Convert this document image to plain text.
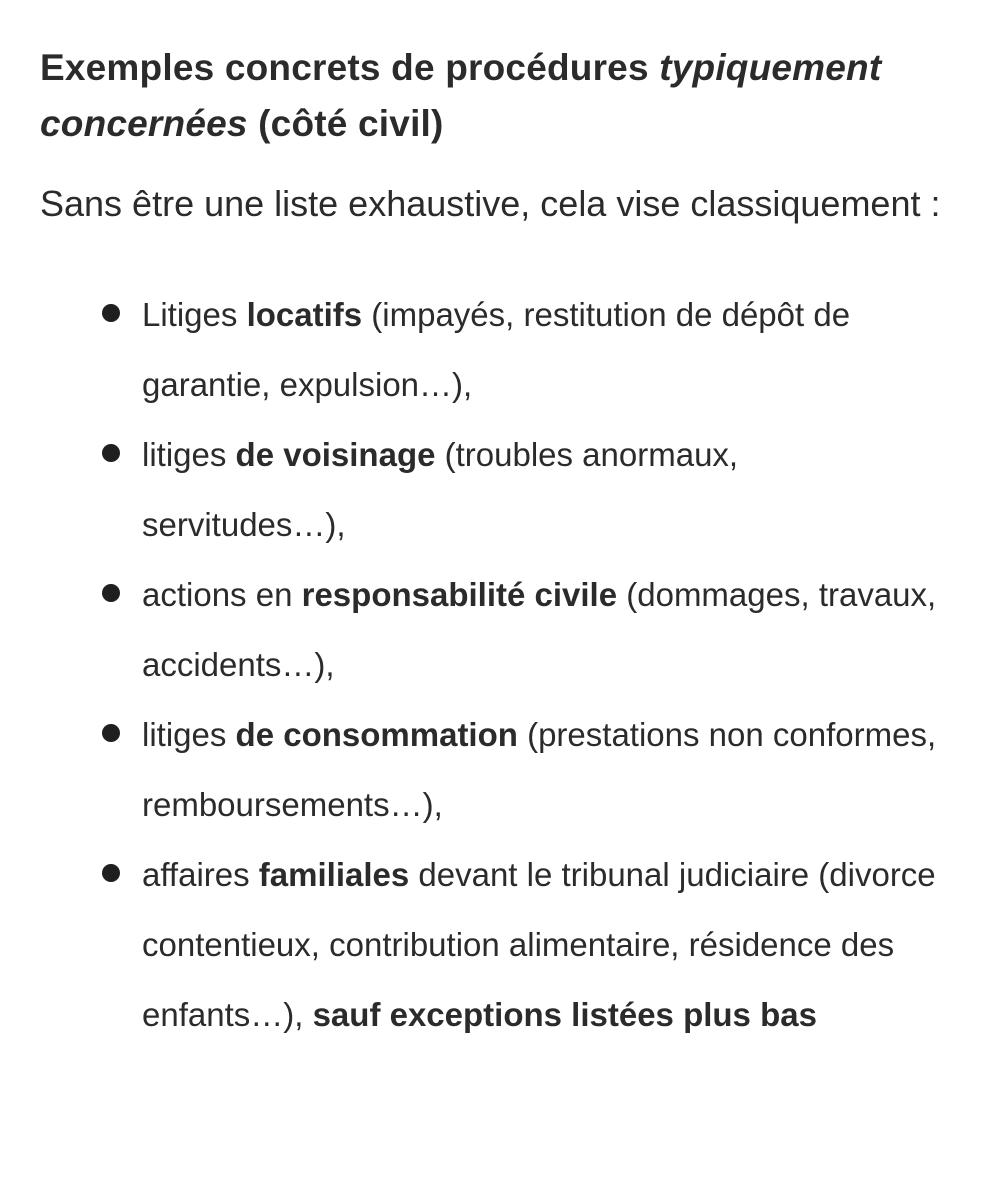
Exemples concrets de procédures typiquement concernées (côté civil)

Sans être une liste exhaustive, cela vise classiquement :

Litiges locatifs (impayés, restitution de dépôt de garantie, expulsion…),
litiges de voisinage (troubles anormaux, servitudes…),
actions en responsabilité civile (dommages, travaux, accidents…),
litiges de consommation (prestations non conformes, remboursements…),
affaires familiales devant le tribunal judiciaire (divorce contentieux, contribution alimentaire, résidence des enfants…), sauf exceptions listées plus bas
